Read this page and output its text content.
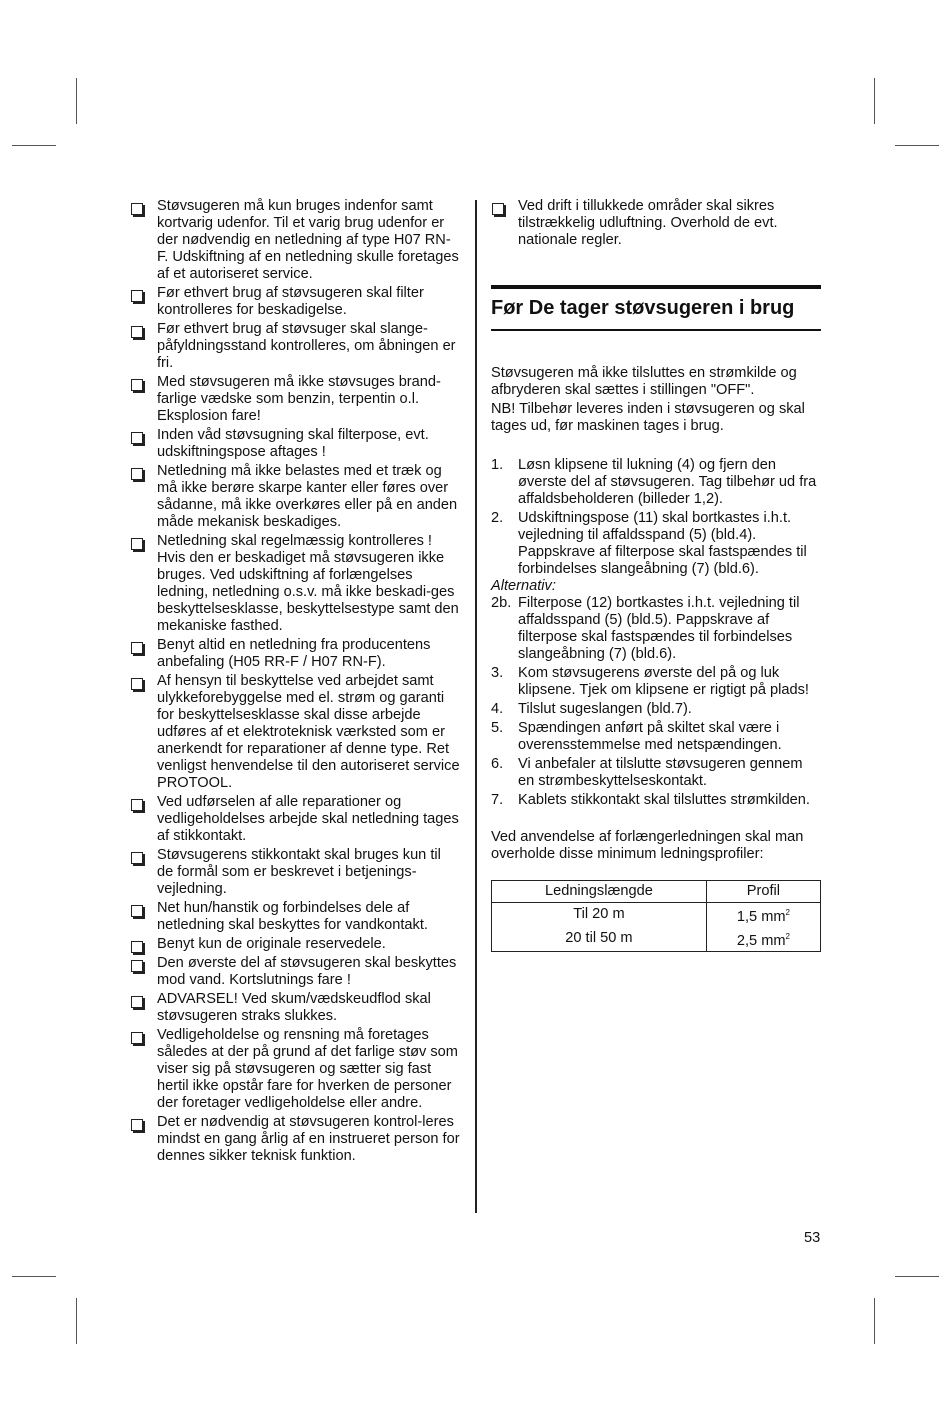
Støvsugeren må kun bruges indenfor samt kortvarig udenfor. Til et varig brug udenfor er der nødvendig en netledning af type H07 RN-F. Udskiftning af en netledning skulle foretages af et autoriseret service.
Før ethvert brug af støvsugeren skal filter kontrolleres for beskadigelse.
Før ethvert brug af støvsuger skal slange-påfyldningsstand kontrolleres, om åbningen er fri.
Med støvsugeren må ikke støvsuges brand-farlige vædske som benzin, terpentin o.l. Eksplosion fare!
Inden våd støvsugning skal filterpose, evt. udskiftningspose aftages !
Netledning må ikke belastes med et træk og må ikke berøre skarpe kanter eller føres over sådanne, må ikke overkøres eller på en anden måde mekanisk beskadiges.
Netledning skal regelmæssig kontrolleres ! Hvis den er beskadiget må støvsugeren ikke bruges. Ved udskiftning af forlængelses ledning, netledning o.s.v. må ikke beskadi-ges beskyttelsesklasse, beskyttelsestype samt den mekaniske fasthed.
Benyt altid en netledning fra producentens anbefaling (H05 RR-F / H07 RN-F).
Af hensyn til beskyttelse ved arbejdet samt ulykkeforebyggelse med el. strøm og garanti for beskyttelsesklasse skal disse arbejde udføres af et elektroteknisk værksted som er anerkendt for reparationer af denne type. Ret venligst henvendelse til den autoriseret service PROTOOL.
Ved udførselen af alle reparationer og vedligeholdelses arbejde skal netledning tages af stikkontakt.
Støvsugerens stikkontakt skal bruges kun til de formål som er beskrevet i betjenings-vejledning.
Net hun/hanstik og forbindelses dele af netledning skal beskyttes for vandkontakt.
Benyt kun de originale reservedele.
Den øverste del af støvsugeren skal beskyttes mod vand. Kortslutnings fare !
ADVARSEL! Ved skum/vædskeudflod skal støvsugeren straks slukkes.
Vedligeholdelse og rensning må foretages således at der på grund af det farlige støv som viser sig på støvsugeren og sætter sig fast hertil ikke opstår fare for hverken de personer der foretager vedligeholdelse eller andre.
Det er nødvendig at støvsugeren kontrol-leres mindst en gang årlig af en instrueret person for dennes sikker teknisk funktion.
Ved drift i tillukkede områder skal sikres tilstrækkelig udluftning. Overhold de evt. nationale regler.
Før De tager støvsugeren i brug

Støvsugeren må ikke tilsluttes en strømkilde og afbryderen skal sættes i stillingen "OFF".

NB! Tilbehør leveres inden i støvsugeren og skal tages ud, før maskinen tages i brug.

1. Løsn klipsene til lukning (4) og fjern den øverste del af støvsugeren. Tag tilbehør ud fra affaldsbeholderen (billeder 1,2).
2. Udskiftningspose (11) skal bortkastes i.h.t. vejledning til affaldsspand (5) (bld.4). Pappskrave af filterpose skal fastspændes til forbindelses slangeåbning (7) (bld.6).
Alternativ:
2b. Filterpose (12) bortkastes i.h.t. vejledning til affaldsspand (5) (bld.5). Pappskrave af filterpose skal fastspændes til forbindelses slangeåbning (7) (bld.6).
3. Kom støvsugerens øverste del på og luk klipsene. Tjek om klipsene er rigtigt på plads!
4. Tilslut sugeslangen (bld.7).
5. Spændingen anført på skiltet skal være i overensstemmelse med netspændingen.
6. Vi anbefaler at tilslutte støvsugeren gennem en strømbeskyttelseskontakt.
7. Kablets stikkontakt skal tilsluttes strømkilden.

Ved anvendelse af forlængerledningen skal man overholde disse minimum ledningsprofiler:

Ledningslængde	Profil
Til 20 m	1,5 $mm^2$
20 til 50 m	2,5 $mm^2$
53
